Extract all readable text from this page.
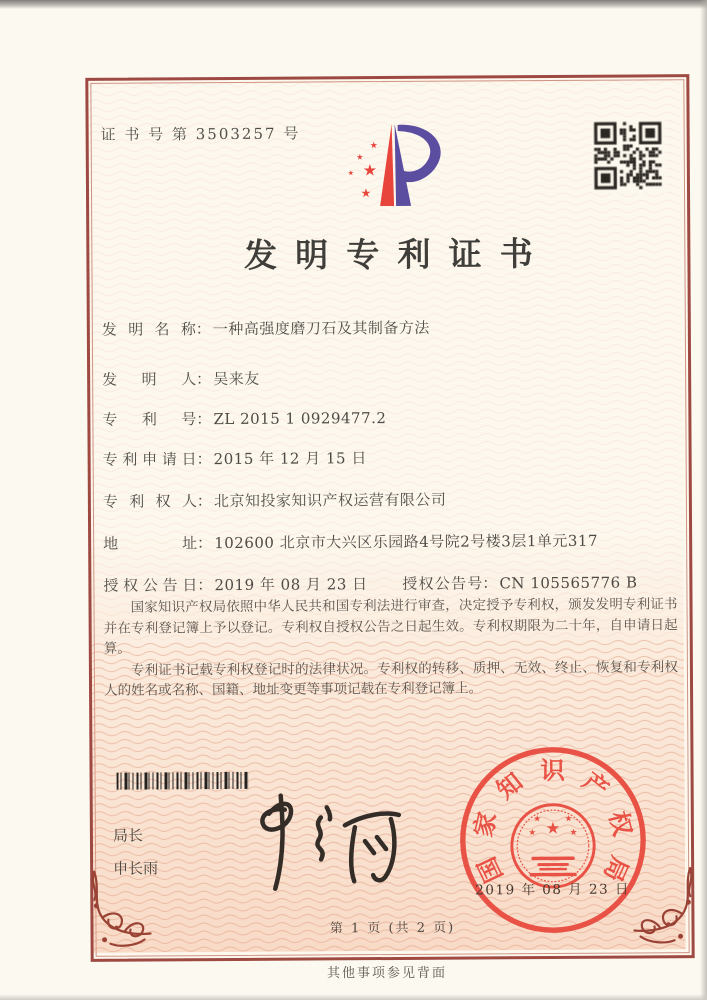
证 书 号 第 3503257 号
★
★
★ ★
★
发明专利证书
发明名称： 一种高强度磨刀石及其制备方法
发明人： 吴来友
专利号： ZL 2015 1 0929477.2
专利申请日： 2015 年 12 月 15 日
专利权人： 北京知投家知识产权运营有限公司
地址： 102600 北京市大兴区乐园路4号院2号楼3层1单元317
授权公告日： 2019 年 08 月 23 日 授权公告号： CN 105565776 B

国家知识产权局依照中华人民共和国专利法进行审查，决定授予专利权，颁发发明专利证书并在专利登记簿上予以登记。专利权自授权公告之日起生效。专利权期限为二十年，自申请日起算。

专利证书记载专利权登记时的法律状况。专利权的转移、质押、无效、终止、恢复和专利权人的姓名或名称、国籍、地址变更等事项记载在专利登记簿上。

局长
申长雨	国
家
知 识 产
权
局
★
★	★
★	★
2019 年 08 月 23 日
第 1 页 (共 2 页)
其他事项参见背面
